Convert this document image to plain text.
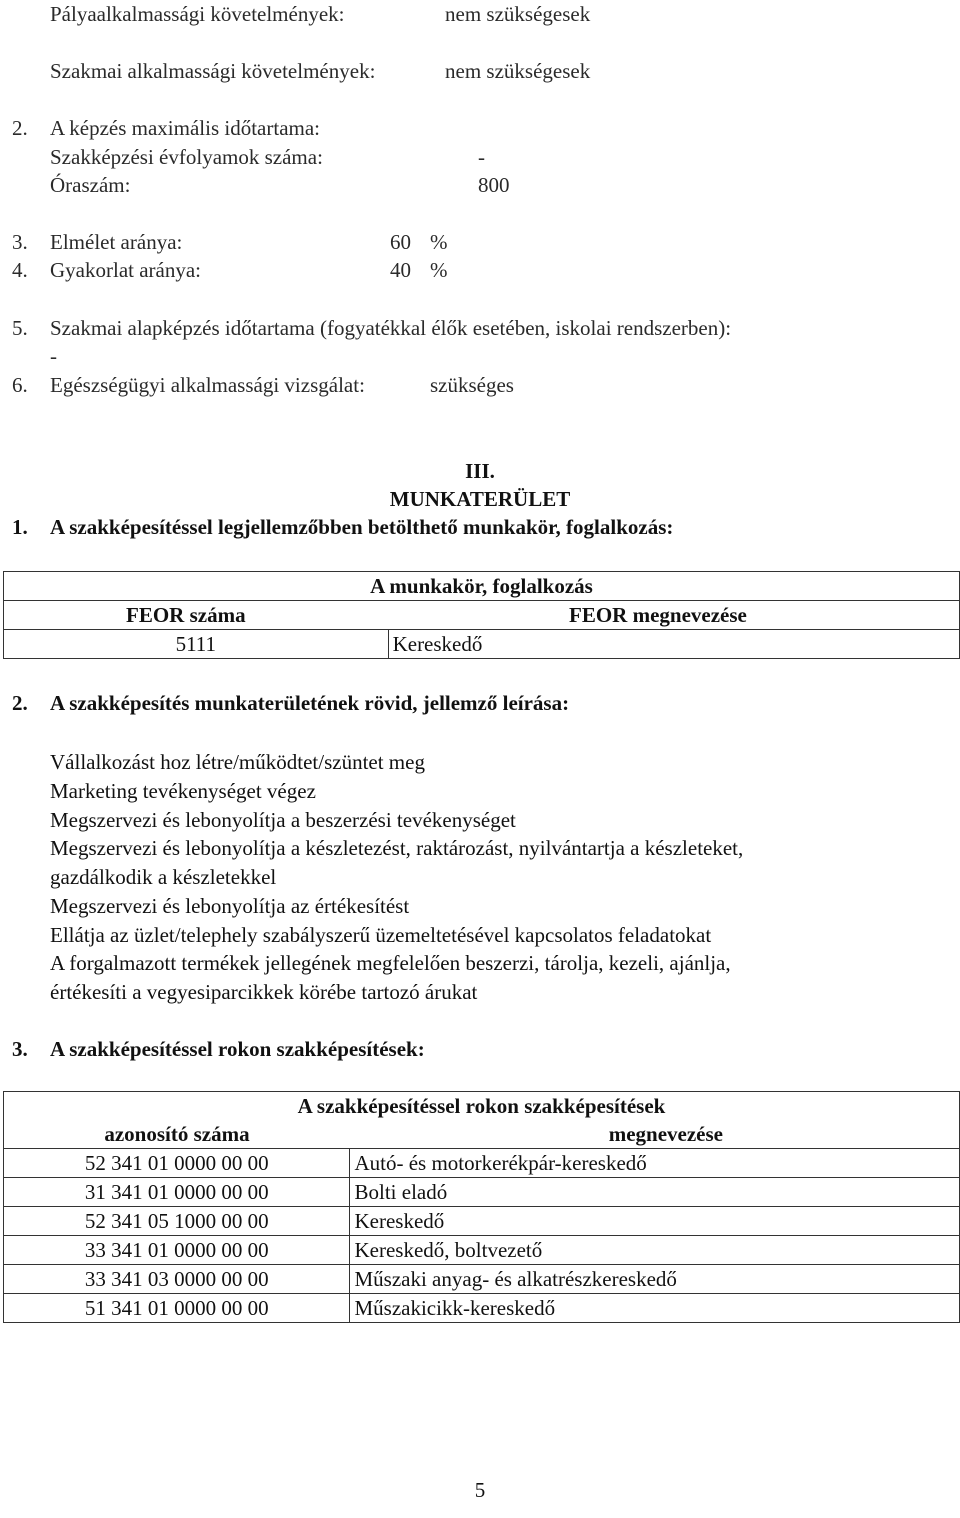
Pályaalkalmassági követelmények:	nem szükségesek
Szakmai alkalmassági követelmények:	nem szükségesek
2. A képzés maximális időtartama:
Szakképzési évfolyamok száma:	-
Óraszám:	800
3. Elmélet aránya:	60 %
4. Gyakorlat aránya:	40 %
5. Szakmai alapképzés időtartama (fogyatékkal élők esetében, iskolai rendszerben):
-
6. Egészségügyi alkalmassági vizsgálat:	szükséges
III.
MUNKATERÜLET
1. A szakképesítéssel legjellemzőbben betölthető munkakör, foglalkozás:
A munkakör, foglalkozás

FEOR száma	FEOR megnevezése

5111	Kereskedő
2. A szakképesítés munkaterületének rövid, jellemző leírása:
Vállalkozást hoz létre/működtet/szüntet meg
Marketing tevékenységet végez
Megszervezi és lebonyolítja a beszerzési tevékenységet
Megszervezi és lebonyolítja a készletezést, raktározást, nyilvántartja a készleteket,
gazdálkodik a készletekkel
Megszervezi és lebonyolítja az értékesítést
Ellátja az üzlet/telephely szabályszerű üzemeltetésével kapcsolatos feladatokat
A forgalmazott termékek jellegének megfelelően beszerzi, tárolja, kezeli, ajánlja,
értékesíti a vegyesiparcikkek körébe tartozó árukat
3. A szakképesítéssel rokon szakképesítések:
A szakképesítéssel rokon szakképesítések	
azonosító száma	megnevezése
52 341 01 0000 00 00	Autó- és motorkerékpár-kereskedő
31 341 01 0000 00 00	Bolti eladó
52 341 05 1000 00 00	Kereskedő
33 341 01 0000 00 00	Kereskedő, boltvezető
33 341 03 0000 00 00	Műszaki anyag- és alkatrészkereskedő
51 341 01 0000 00 00	Műszakicikk-kereskedő
5
